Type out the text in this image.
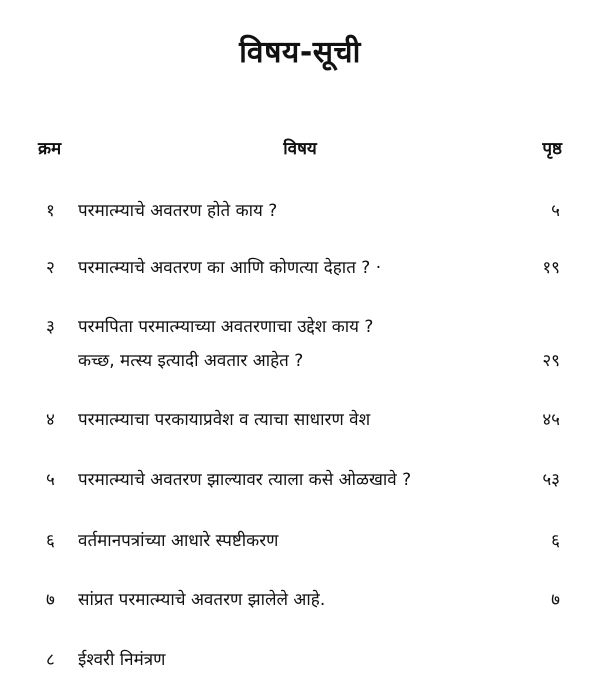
विषय-सूची
क्रम	विषय	पृष्ठ
१ परमात्म्याचे अवतरण होते काय ?	५
२ परमात्म्याचे अवतरण का आणि कोणत्या देहात ? ·	१९
३ परमपिता परमात्म्याच्या अवतरणाचा उद्देश काय ?
कच्छ, मत्स्य इत्यादी अवतार आहेत ?	२९
४ परमात्म्याचा परकायाप्रवेश व त्याचा साधारण वेश	४५
५ परमात्म्याचे अवतरण झाल्यावर त्याला कसे ओळखावे ?	५३
६ वर्तमानपत्रांच्या आधारे स्पष्टीकरण	६
७ सांप्रत परमात्म्याचे अवतरण झालेले आहे.	७
८ ईश्वरी निमंत्रण
